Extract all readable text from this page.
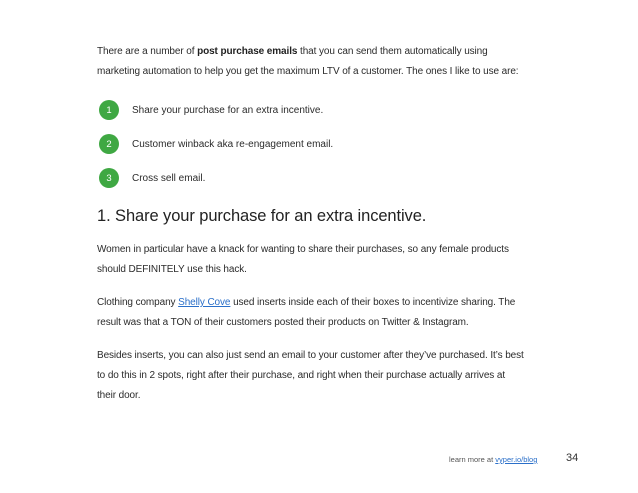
There are a number of post purchase emails that you can send them automatically using
marketing automation to help you get the maximum LTV of a customer. The ones I like to use are:
1	Share your purchase for an extra incentive.
2	Customer winback aka re-engagement email.
3	Cross sell email.
1. Share your purchase for an extra incentive.
Women in particular have a knack for wanting to share their purchases, so any female products
should DEFINITELY use this hack.
Clothing company Shelly Cove used inserts inside each of their boxes to incentivize sharing. The
result was that a TON of their customers posted their products on Twitter & Instagram.
Besides inserts, you can also just send an email to your customer after they’ve purchased. It’s best
to do this in 2 spots, right after their purchase, and right when their purchase actually arrives at
their door.
learn more at vyper.io/blog	34
